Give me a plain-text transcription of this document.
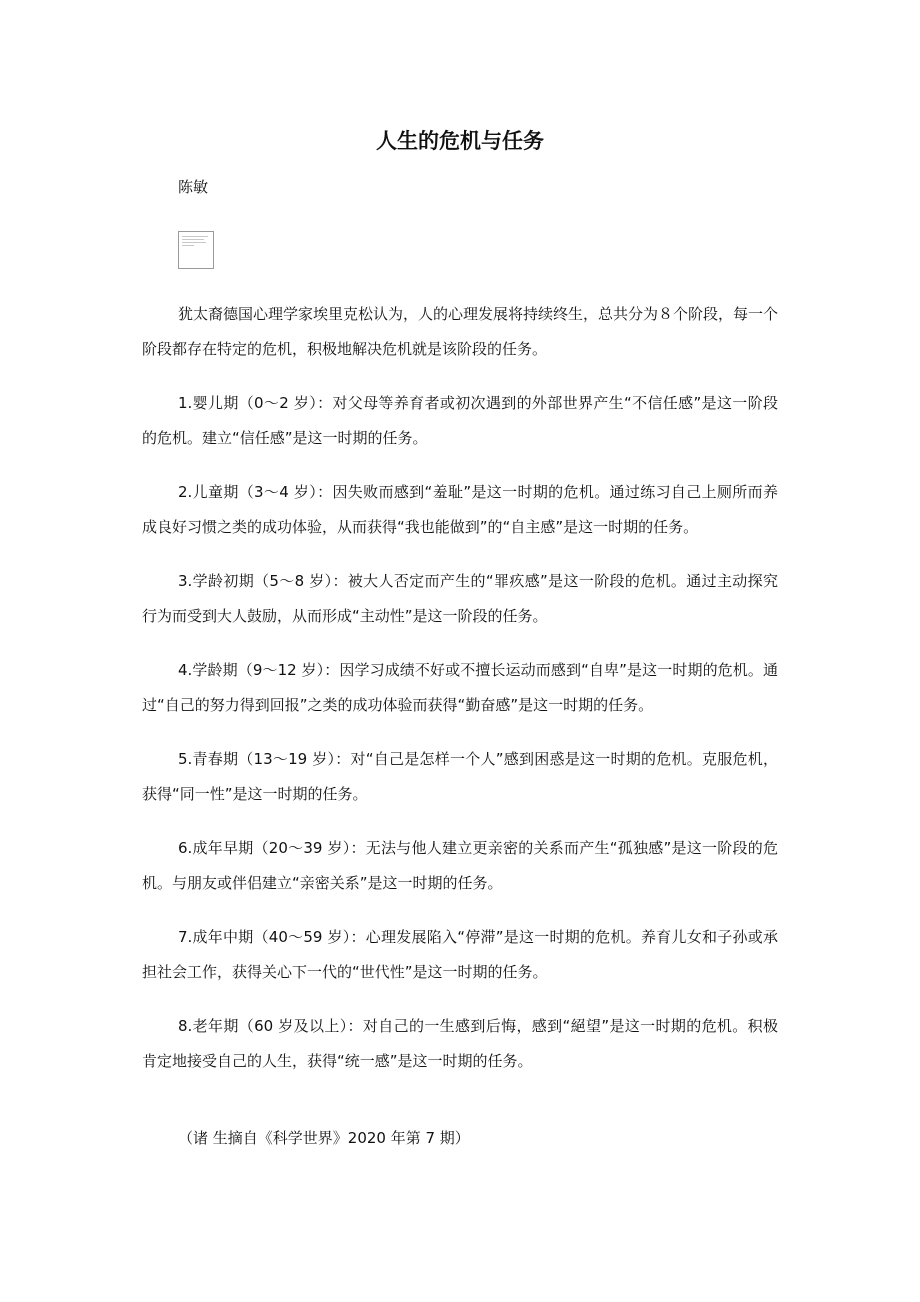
人生的危机与任务
陈敏

犹太裔德国心理学家埃里克松认为，人的心理发展将持续终生，总共分为８个阶段，每一个阶段都存在特定的危机，积极地解决危机就是该阶段的任务。

1.婴儿期（0～2 岁）：对父母等养育者或初次遇到的外部世界产生“不信任感”是这一阶段的危机。建立“信任感”是这一时期的任务。

2.儿童期（3～4 岁）：因失败而感到“羞耻”是这一时期的危机。通过练习自己上厕所而养成良好习惯之类的成功体验，从而获得“我也能做到”的“自主感”是这一时期的任务。

3.学龄初期（5～8 岁）：被大人否定而产生的“罪疚感”是这一阶段的危机。通过主动探究行为而受到大人鼓励，从而形成“主动性”是这一阶段的任务。

4.学龄期（9～12 岁）：因学习成绩不好或不擅长运动而感到“自卑”是这一时期的危机。通过“自己的努力得到回报”之类的成功体验而获得“勤奋感”是这一时期的任务。

5.青春期（13～19 岁）：对“自己是怎样一个人”感到困惑是这一时期的危机。克服危机，获得“同一性”是这一时期的任务。

6.成年早期（20～39 岁）：无法与他人建立更亲密的关系而产生“孤独感”是这一阶段的危机。与朋友或伴侣建立“亲密关系”是这一时期的任务。

7.成年中期（40～59 岁）：心理发展陷入“停滞”是这一时期的危机。养育儿女和子孙或承担社会工作，获得关心下一代的“世代性”是这一时期的任务。

8.老年期（60 岁及以上）：对自己的一生感到后悔，感到“絕望”是这一时期的危机。积极肯定地接受自己的人生，获得“统一感”是这一时期的任务。

（诸 生摘自《科学世界》2020 年第 7 期）
